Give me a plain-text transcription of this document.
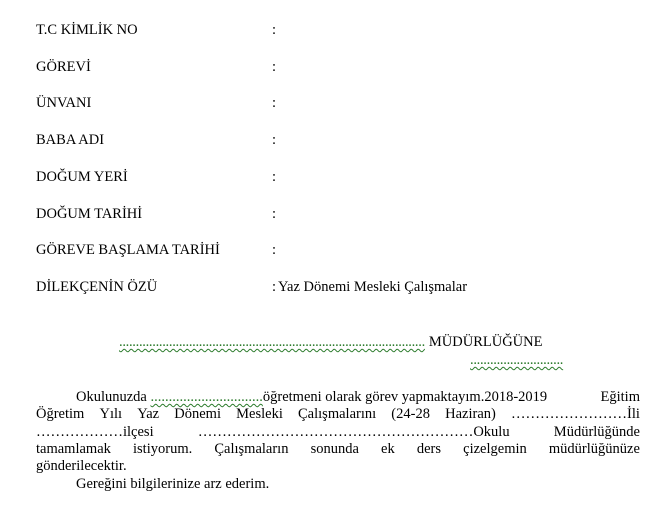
T.C KİMLİK NO	:
GÖREVİ	:
ÜNVANI	:
BABA ADI	:
DOĞUM YERİ	:
DOĞUM TARİHİ	:
GÖREVE BAŞLAMA TARİHİ	:
DİLEKÇENİN ÖZÜ	: Yaz Dönemi Mesleki Çalışmalar
............................................................................................ MÜDÜRLÜĞÜNE
............................
Okulunuzda ...............................öğretmeni olarak görev yapmaktayım.2018-2019	Eğitim
Öğretim Yılı Yaz Dönemi Mesleki Çalışmalarını (24-28 Haziran) ……………………İli
………………ilçesi	…………………………………………………Okulu	Müdürlüğünde
tamamlamak istiyorum. Çalışmaların sonunda ek ders çizelgemin müdürlüğünüze
gönderilecektir.
Gereğini bilgilerinize arz ederim.
